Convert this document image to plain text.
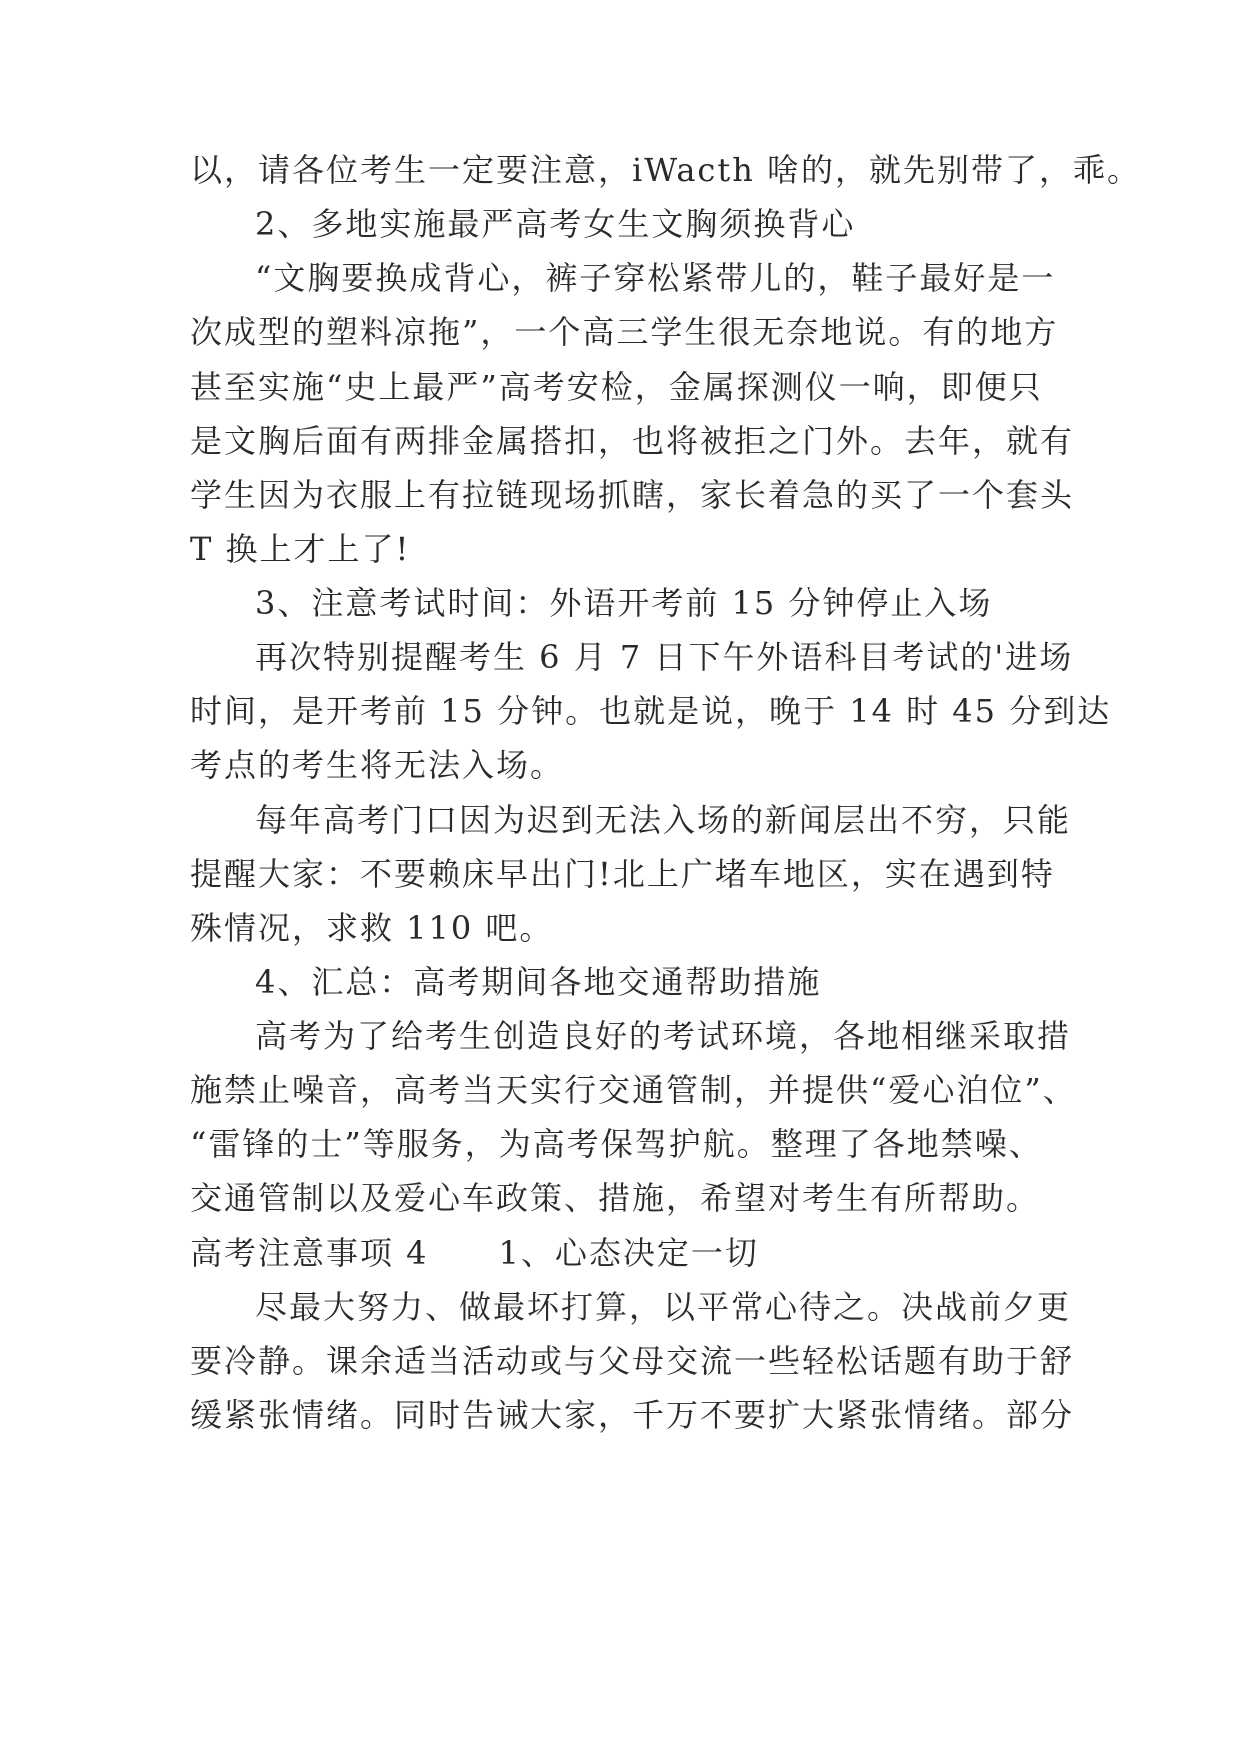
以，请各位考生一定要注意，iWacth 啥的，就先别带了，乖。
2、多地实施最严高考女生文胸须换背心
“文胸要换成背心，裤子穿松紧带儿的，鞋子最好是一
次成型的塑料凉拖”，一个高三学生很无奈地说。有的地方
甚至实施“史上最严”高考安检，金属探测仪一响，即便只
是文胸后面有两排金属搭扣，也将被拒之门外。去年，就有
学生因为衣服上有拉链现场抓瞎，家长着急的买了一个套头
T 换上才上了!
3、注意考试时间：外语开考前 15 分钟停止入场
再次特别提醒考生 6 月 7 日下午外语科目考试的'进场
时间，是开考前 15 分钟。也就是说，晚于 14 时 45 分到达
考点的考生将无法入场。
每年高考门口因为迟到无法入场的新闻层出不穷，只能
提醒大家：不要赖床早出门!北上广堵车地区，实在遇到特
殊情况，求救 110 吧。
4、汇总：高考期间各地交通帮助措施
高考为了给考生创造良好的考试环境，各地相继采取措
施禁止噪音，高考当天实行交通管制，并提供“爱心泊位”、
“雷锋的士”等服务，为高考保驾护航。整理了各地禁噪、
交通管制以及爱心车政策、措施，希望对考生有所帮助。
高考注意事项 4 1、心态决定一切
尽最大努力、做最坏打算，以平常心待之。决战前夕更
要冷静。课余适当活动或与父母交流一些轻松话题有助于舒
缓紧张情绪。同时告诫大家，千万不要扩大紧张情绪。部分
